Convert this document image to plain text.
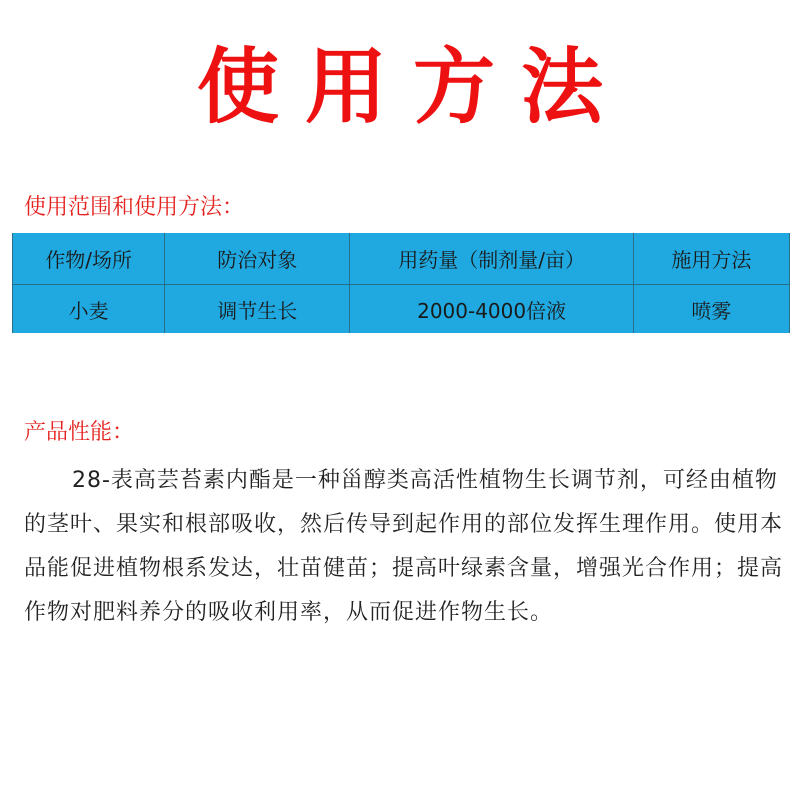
使用方法
使用范围和使用方法：
作物/场所	防治对象	用药量（制剂量/亩）	施用方法
小麦	调节生长	2000-4000倍液	喷雾
产品性能：

28-表高芸苔素内酯是一种甾醇类高活性植物生长调节剂，可经由植物的茎叶、果实和根部吸收，然后传导到起作用的部位发挥生理作用。使用本品能促进植物根系发达，壮苗健苗；提高叶绿素含量，增强光合作用；提高作物对肥料养分的吸收利用率，从而促进作物生长。
